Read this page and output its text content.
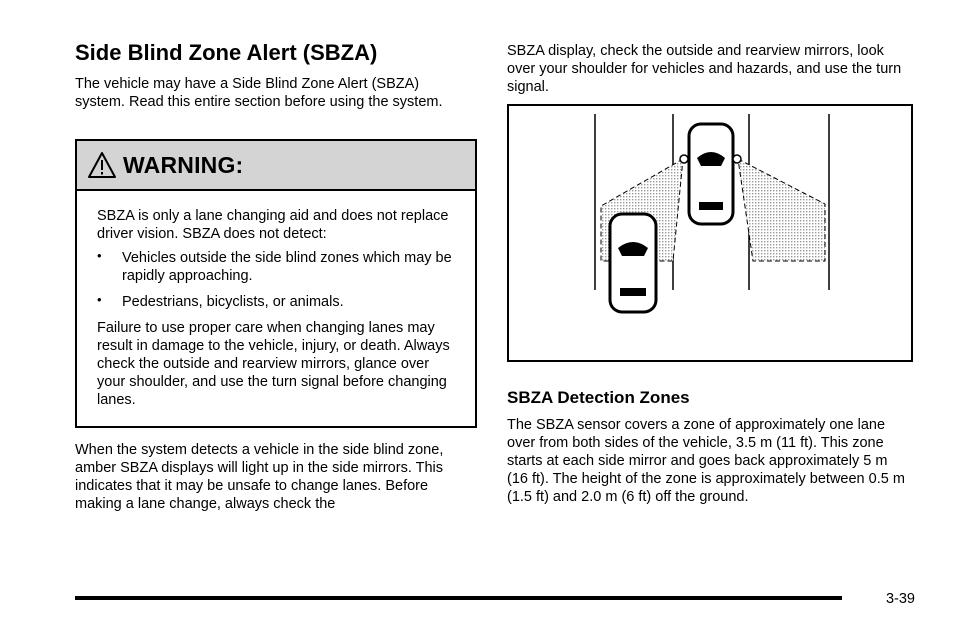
Side Blind Zone Alert (SBZA)

The vehicle may have a Side Blind Zone Alert (SBZA) system. Read this entire section before using the system.

WARNING:

SBZA is only a lane changing aid and does not replace driver vision. SBZA does not detect:

• Vehicles outside the side blind zones which may be rapidly approaching.
• Pedestrians, bicyclists, or animals.

Failure to use proper care when changing lanes may result in damage to the vehicle, injury, or death. Always check the outside and rearview mirrors, glance over your shoulder, and use the turn signal before changing lanes.

When the system detects a vehicle in the side blind zone, amber SBZA displays will light up in the side mirrors. This indicates that it may be unsafe to change lanes. Before making a lane change, always check the

SBZA display, check the outside and rearview mirrors, look over your shoulder for vehicles and hazards, and use the turn signal.

SBZA Detection Zones

The SBZA sensor covers a zone of approximately one lane over from both sides of the vehicle, 3.5 m (11 ft). This zone starts at each side mirror and goes back approximately 5 m (16 ft). The height of the zone is approximately between 0.5 m (1.5 ft) and 2.0 m (6 ft) off the ground.

3-39
